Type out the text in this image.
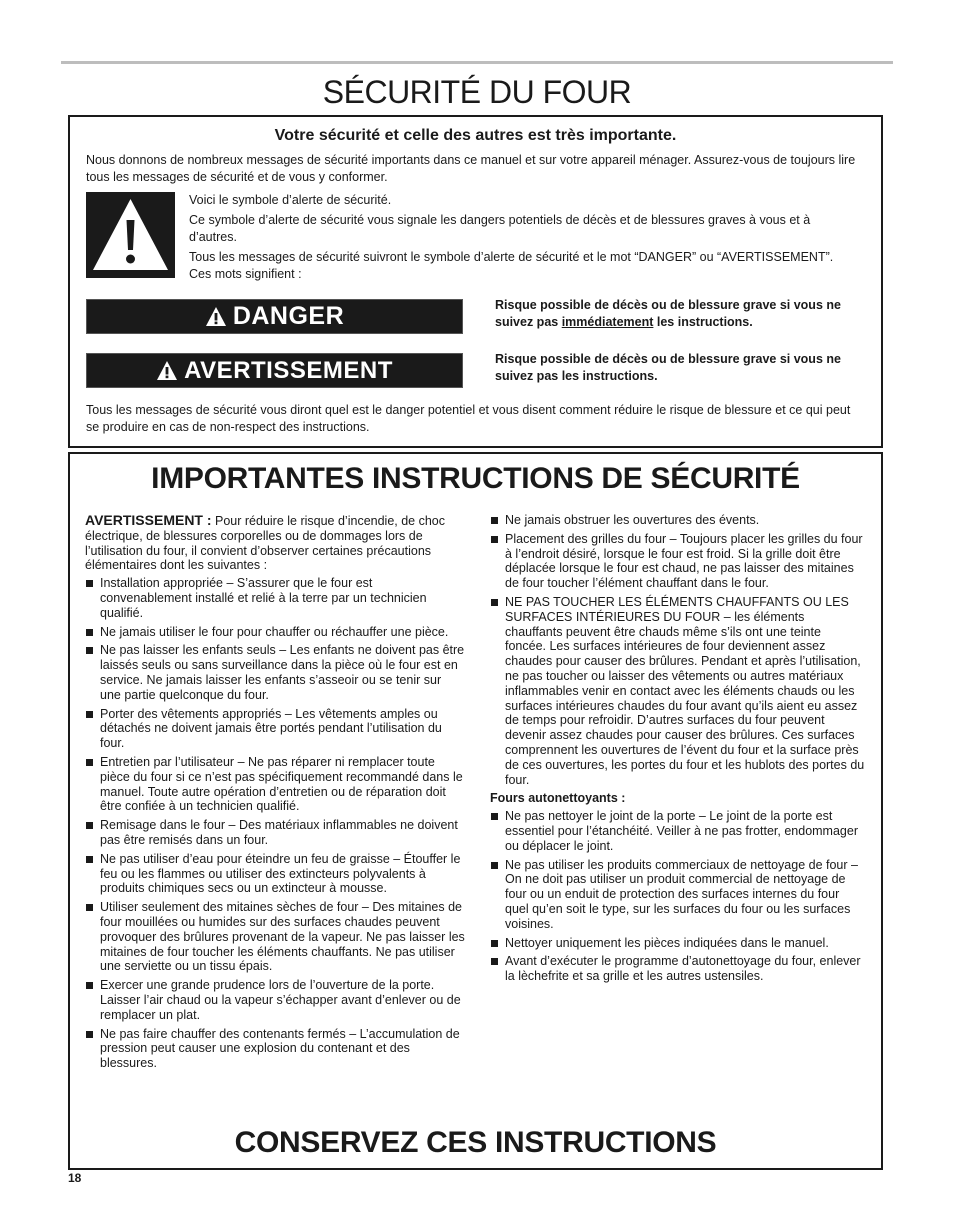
SÉCURITÉ DU FOUR
Votre sécurité et celle des autres est très importante.

Nous donnons de nombreux messages de sécurité importants dans ce manuel et sur votre appareil ménager. Assurez-vous de toujours lire tous les messages de sécurité et de vous y conformer.

Voici le symbole d’alerte de sécurité.

Ce symbole d’alerte de sécurité vous signale les dangers potentiels de décès et de blessures graves à vous et à d’autres.

Tous les messages de sécurité suivront le symbole d’alerte de sécurité et le mot “DANGER” ou “AVERTISSEMENT”. Ces mots signifient :

DANGER	Risque possible de décès ou de blessure grave si vous ne suivez pas immédiatement les instructions.

AVERTISSEMENT	Risque possible de décès ou de blessure grave si vous ne suivez pas les instructions.

Tous les messages de sécurité vous diront quel est le danger potentiel et vous disent comment réduire le risque de blessure et ce qui peut se produire en cas de non-respect des instructions.

IMPORTANTES INSTRUCTIONS DE SÉCURITÉ

AVERTISSEMENT : Pour réduire le risque d’incendie, de choc électrique, de blessures corporelles ou de dommages lors de l’utilisation du four, il convient d’observer certaines précautions élémentaires dont les suivantes :

Installation appropriée – S’assurer que le four est convenablement installé et relié à la terre par un technicien qualifié.
Ne jamais utiliser le four pour chauffer ou réchauffer une pièce.
Ne pas laisser les enfants seuls – Les enfants ne doivent pas être laissés seuls ou sans surveillance dans la pièce où le four est en service. Ne jamais laisser les enfants s’asseoir ou se tenir sur une partie quelconque du four.
Porter des vêtements appropriés – Les vêtements amples ou détachés ne doivent jamais être portés pendant l’utilisation du four.
Entretien par l’utilisateur – Ne pas réparer ni remplacer toute pièce du four si ce n’est pas spécifiquement recommandé dans le manuel. Toute autre opération d’entretien ou de réparation doit être confiée à un technicien qualifié.
Remisage dans le four – Des matériaux inflammables ne doivent pas être remisés dans un four.
Ne pas utiliser d’eau pour éteindre un feu de graisse – Étouffer le feu ou les flammes ou utiliser des extincteurs polyvalents à produits chimiques secs ou un extincteur à mousse.
Utiliser seulement des mitaines sèches de four – Des mitaines de four mouillées ou humides sur des surfaces chaudes peuvent provoquer des brûlures provenant de la vapeur. Ne pas laisser les mitaines de four toucher les éléments chauffants. Ne pas utiliser une serviette ou un tissu épais.
Exercer une grande prudence lors de l’ouverture de la porte. Laisser l’air chaud ou la vapeur s’échapper avant d’enlever ou de remplacer un plat.
Ne pas faire chauffer des contenants fermés – L’accumulation de pression peut causer une explosion du contenant et des blessures.
Ne jamais obstruer les ouvertures des évents.
Placement des grilles du four – Toujours placer les grilles du four à l’endroit désiré, lorsque le four est froid. Si la grille doit être déplacée lorsque le four est chaud, ne pas laisser des mitaines de four toucher l’élément chauffant dans le four.
NE PAS TOUCHER LES ÉLÉMENTS CHAUFFANTS OU LES SURFACES INTÉRIEURES DU FOUR – les éléments chauffants peuvent être chauds même s’ils ont une teinte foncée. Les surfaces intérieures de four deviennent assez chaudes pour causer des brûlures. Pendant et après l’utilisation, ne pas toucher ou laisser des vêtements ou autres matériaux inflammables venir en contact avec les éléments chauds ou les surfaces intérieures chaudes du four avant qu’ils aient eu assez de temps pour refroidir. D’autres surfaces du four peuvent devenir assez chaudes pour causer des brûlures. Ces surfaces comprennent les ouvertures de l’évent du four et la surface près de ces ouvertures, les portes du four et les hublots des portes du four.

Fours autonettoyants :

Ne pas nettoyer le joint de la porte – Le joint de la porte est essentiel pour l’étanchéité. Veiller à ne pas frotter, endommager ou déplacer le joint.
Ne pas utiliser les produits commerciaux de nettoyage de four – On ne doit pas utiliser un produit commercial de nettoyage de four ou un enduit de protection des surfaces internes du four quel qu’en soit le type, sur les surfaces du four ou les surfaces voisines.
Nettoyer uniquement les pièces indiquées dans le manuel.
Avant d’exécuter le programme d’autonettoyage du four, enlever la lèchefrite et sa grille et les autres ustensiles.
CONSERVEZ CES INSTRUCTIONS
18
